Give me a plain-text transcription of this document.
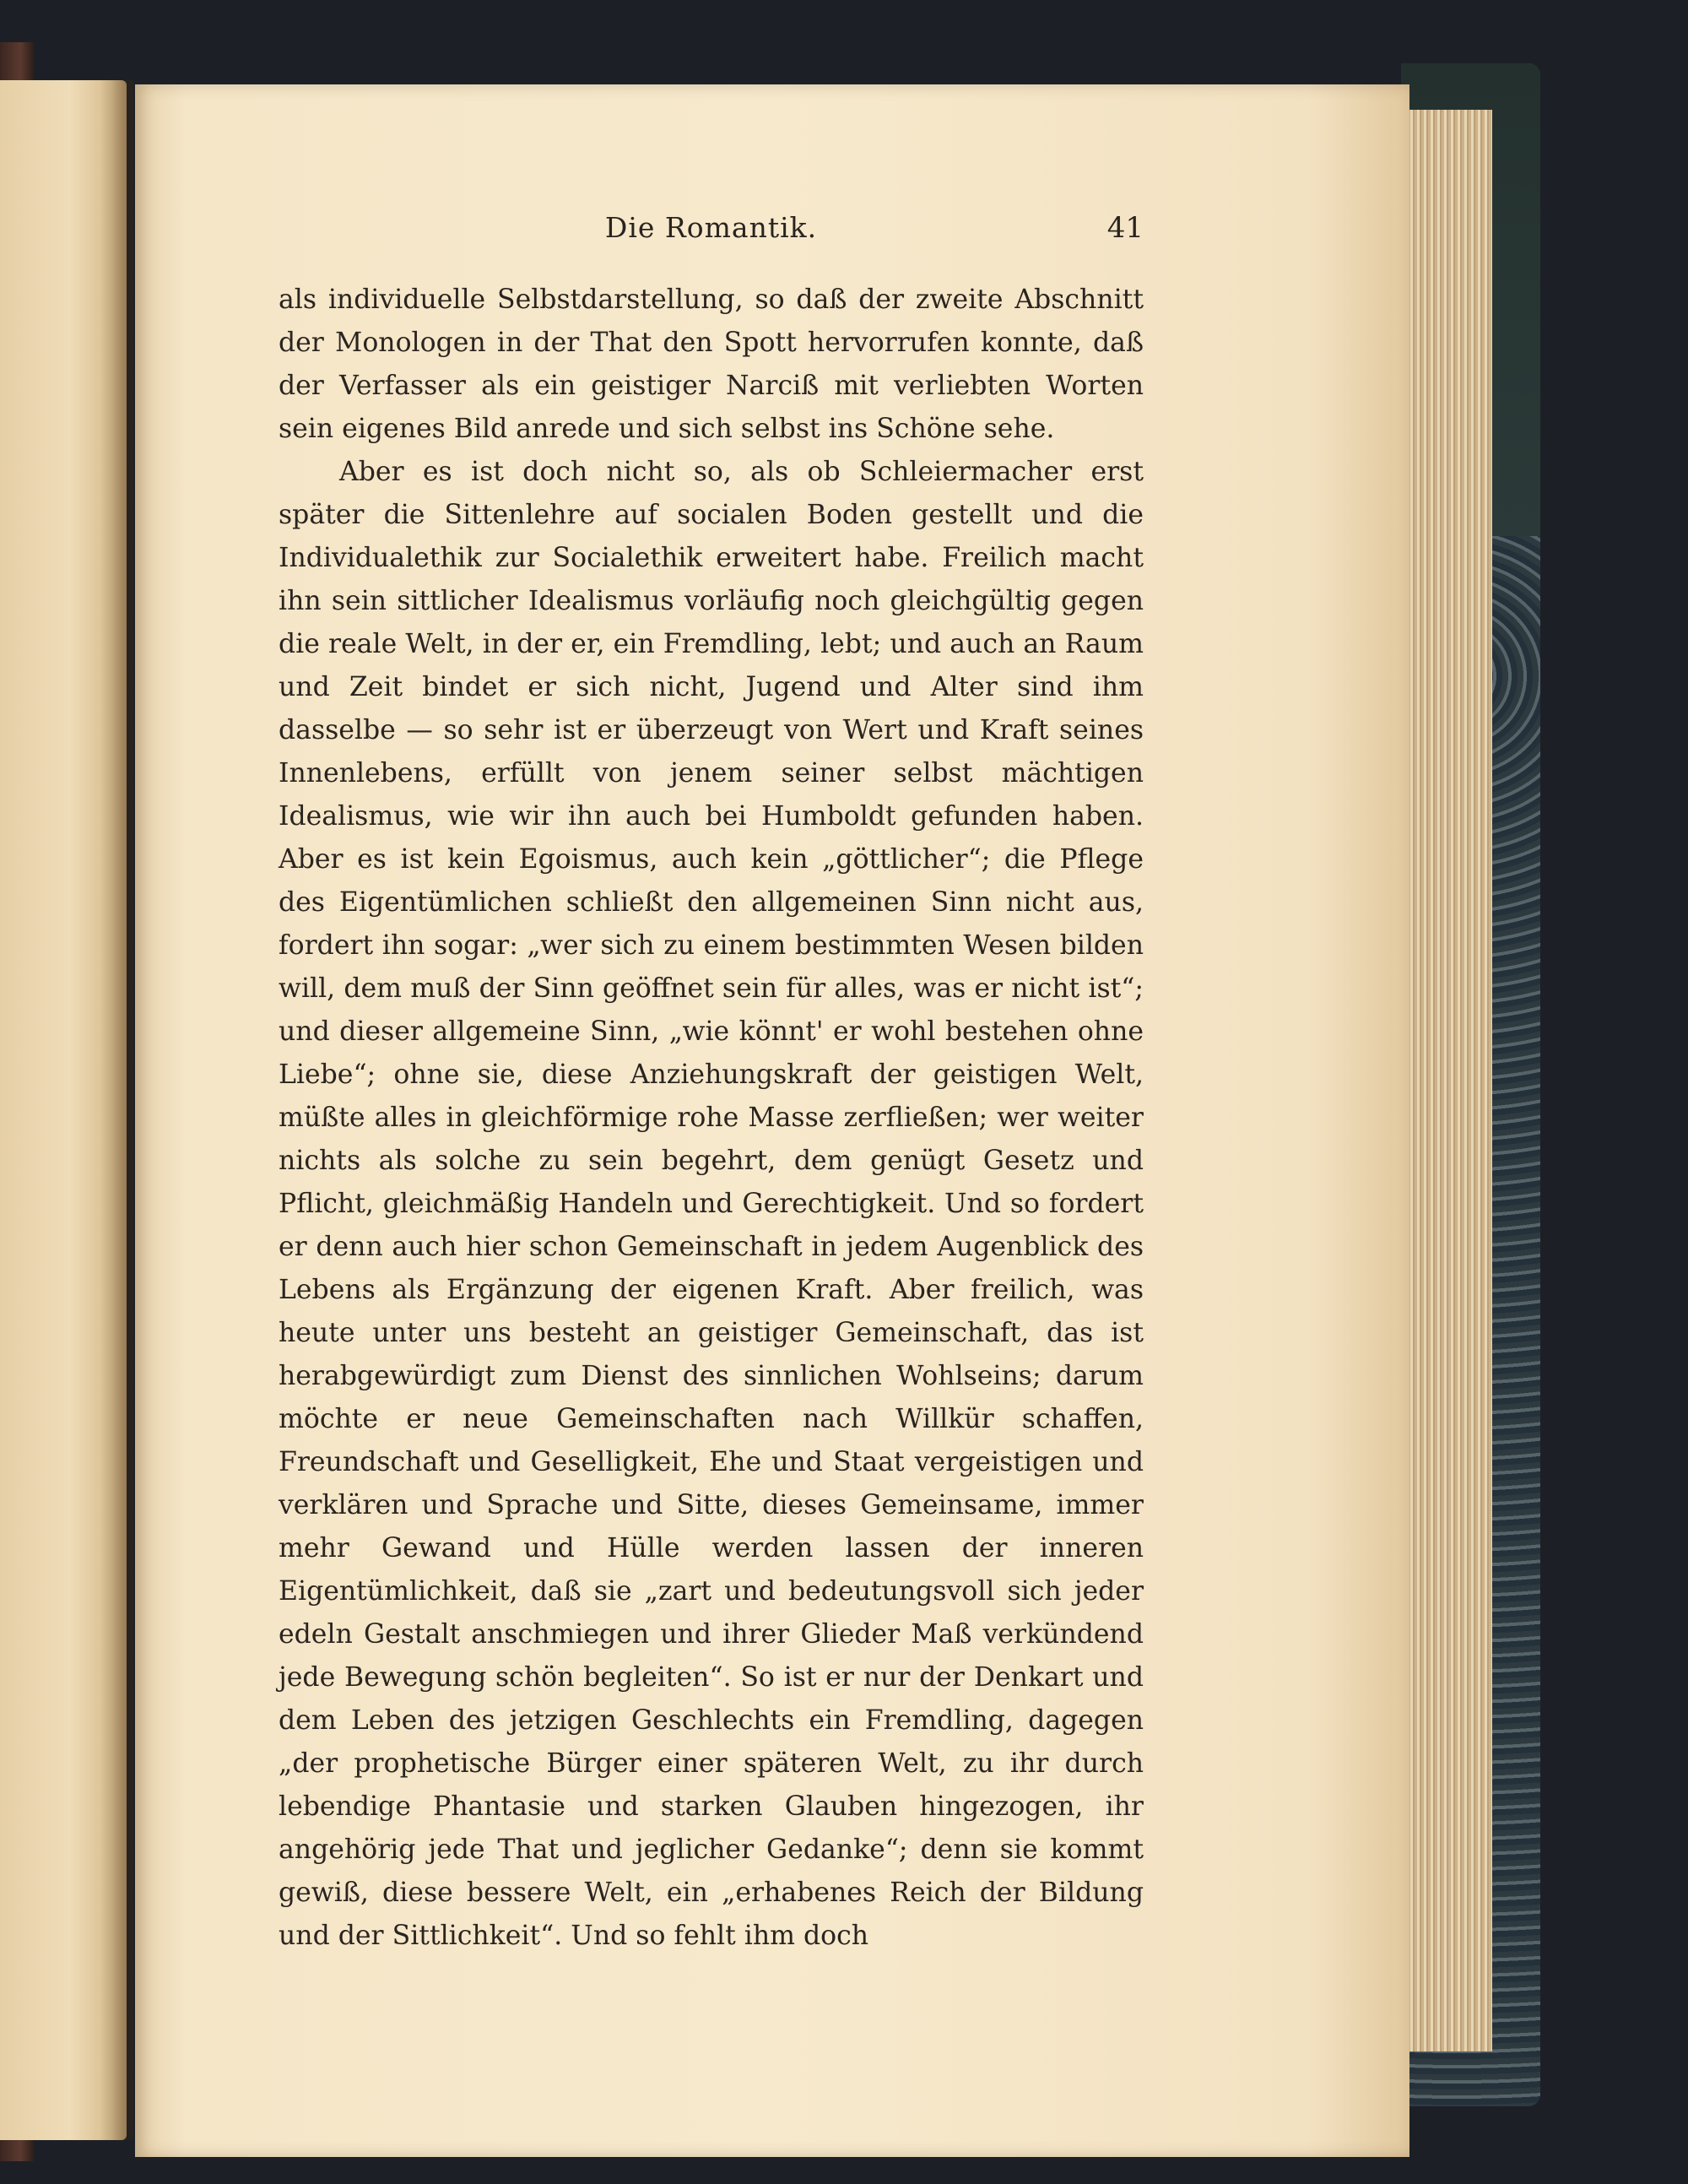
Die Romantik.	41

als individuelle Selbstdarstellung, so daß der zweite Abschnitt der Monologen in der That den Spott hervorrufen konnte, daß der Verfasser als ein geistiger Narciß mit verliebten Worten sein eigenes Bild anrede und sich selbst ins Schöne sehe.

Aber es ist doch nicht so, als ob Schleiermacher erst später die Sittenlehre auf socialen Boden gestellt und die Individualethik zur Socialethik erweitert habe. Freilich macht ihn sein sittlicher Idealismus vorläufig noch gleichgültig gegen die reale Welt, in der er, ein Fremdling, lebt; und auch an Raum und Zeit bindet er sich nicht, Jugend und Alter sind ihm dasselbe — so sehr ist er überzeugt von Wert und Kraft seines Innenlebens, erfüllt von jenem seiner selbst mächtigen Idealismus, wie wir ihn auch bei Humboldt gefunden haben. Aber es ist kein Egoismus, auch kein „göttlicher“; die Pflege des Eigentümlichen schließt den allgemeinen Sinn nicht aus, fordert ihn sogar: „wer sich zu einem bestimmten Wesen bilden will, dem muß der Sinn geöffnet sein für alles, was er nicht ist“; und dieser allgemeine Sinn, „wie könnt' er wohl bestehen ohne Liebe“; ohne sie, diese Anziehungskraft der geistigen Welt, müßte alles in gleichförmige rohe Masse zerfließen; wer weiter nichts als solche zu sein begehrt, dem genügt Gesetz und Pflicht, gleichmäßig Handeln und Gerechtigkeit. Und so fordert er denn auch hier schon Gemeinschaft in jedem Augenblick des Lebens als Ergänzung der eigenen Kraft. Aber freilich, was heute unter uns besteht an geistiger Gemeinschaft, das ist herabgewürdigt zum Dienst des sinnlichen Wohlseins; darum möchte er neue Gemeinschaften nach Willkür schaffen, Freundschaft und Geselligkeit, Ehe und Staat vergeistigen und verklären und Sprache und Sitte, dieses Gemeinsame, immer mehr Gewand und Hülle werden lassen der inneren Eigentümlichkeit, daß sie „zart und bedeutungsvoll sich jeder edeln Gestalt anschmiegen und ihrer Glieder Maß verkündend jede Bewegung schön begleiten“. So ist er nur der Denkart und dem Leben des jetzigen Geschlechts ein Fremdling, dagegen „der prophetische Bürger einer späteren Welt, zu ihr durch lebendige Phantasie und starken Glauben hingezogen, ihr angehörig jede That und jeglicher Gedanke“; denn sie kommt gewiß, diese bessere Welt, ein „erhabenes Reich der Bildung und der Sittlichkeit“. Und so fehlt ihm doch
